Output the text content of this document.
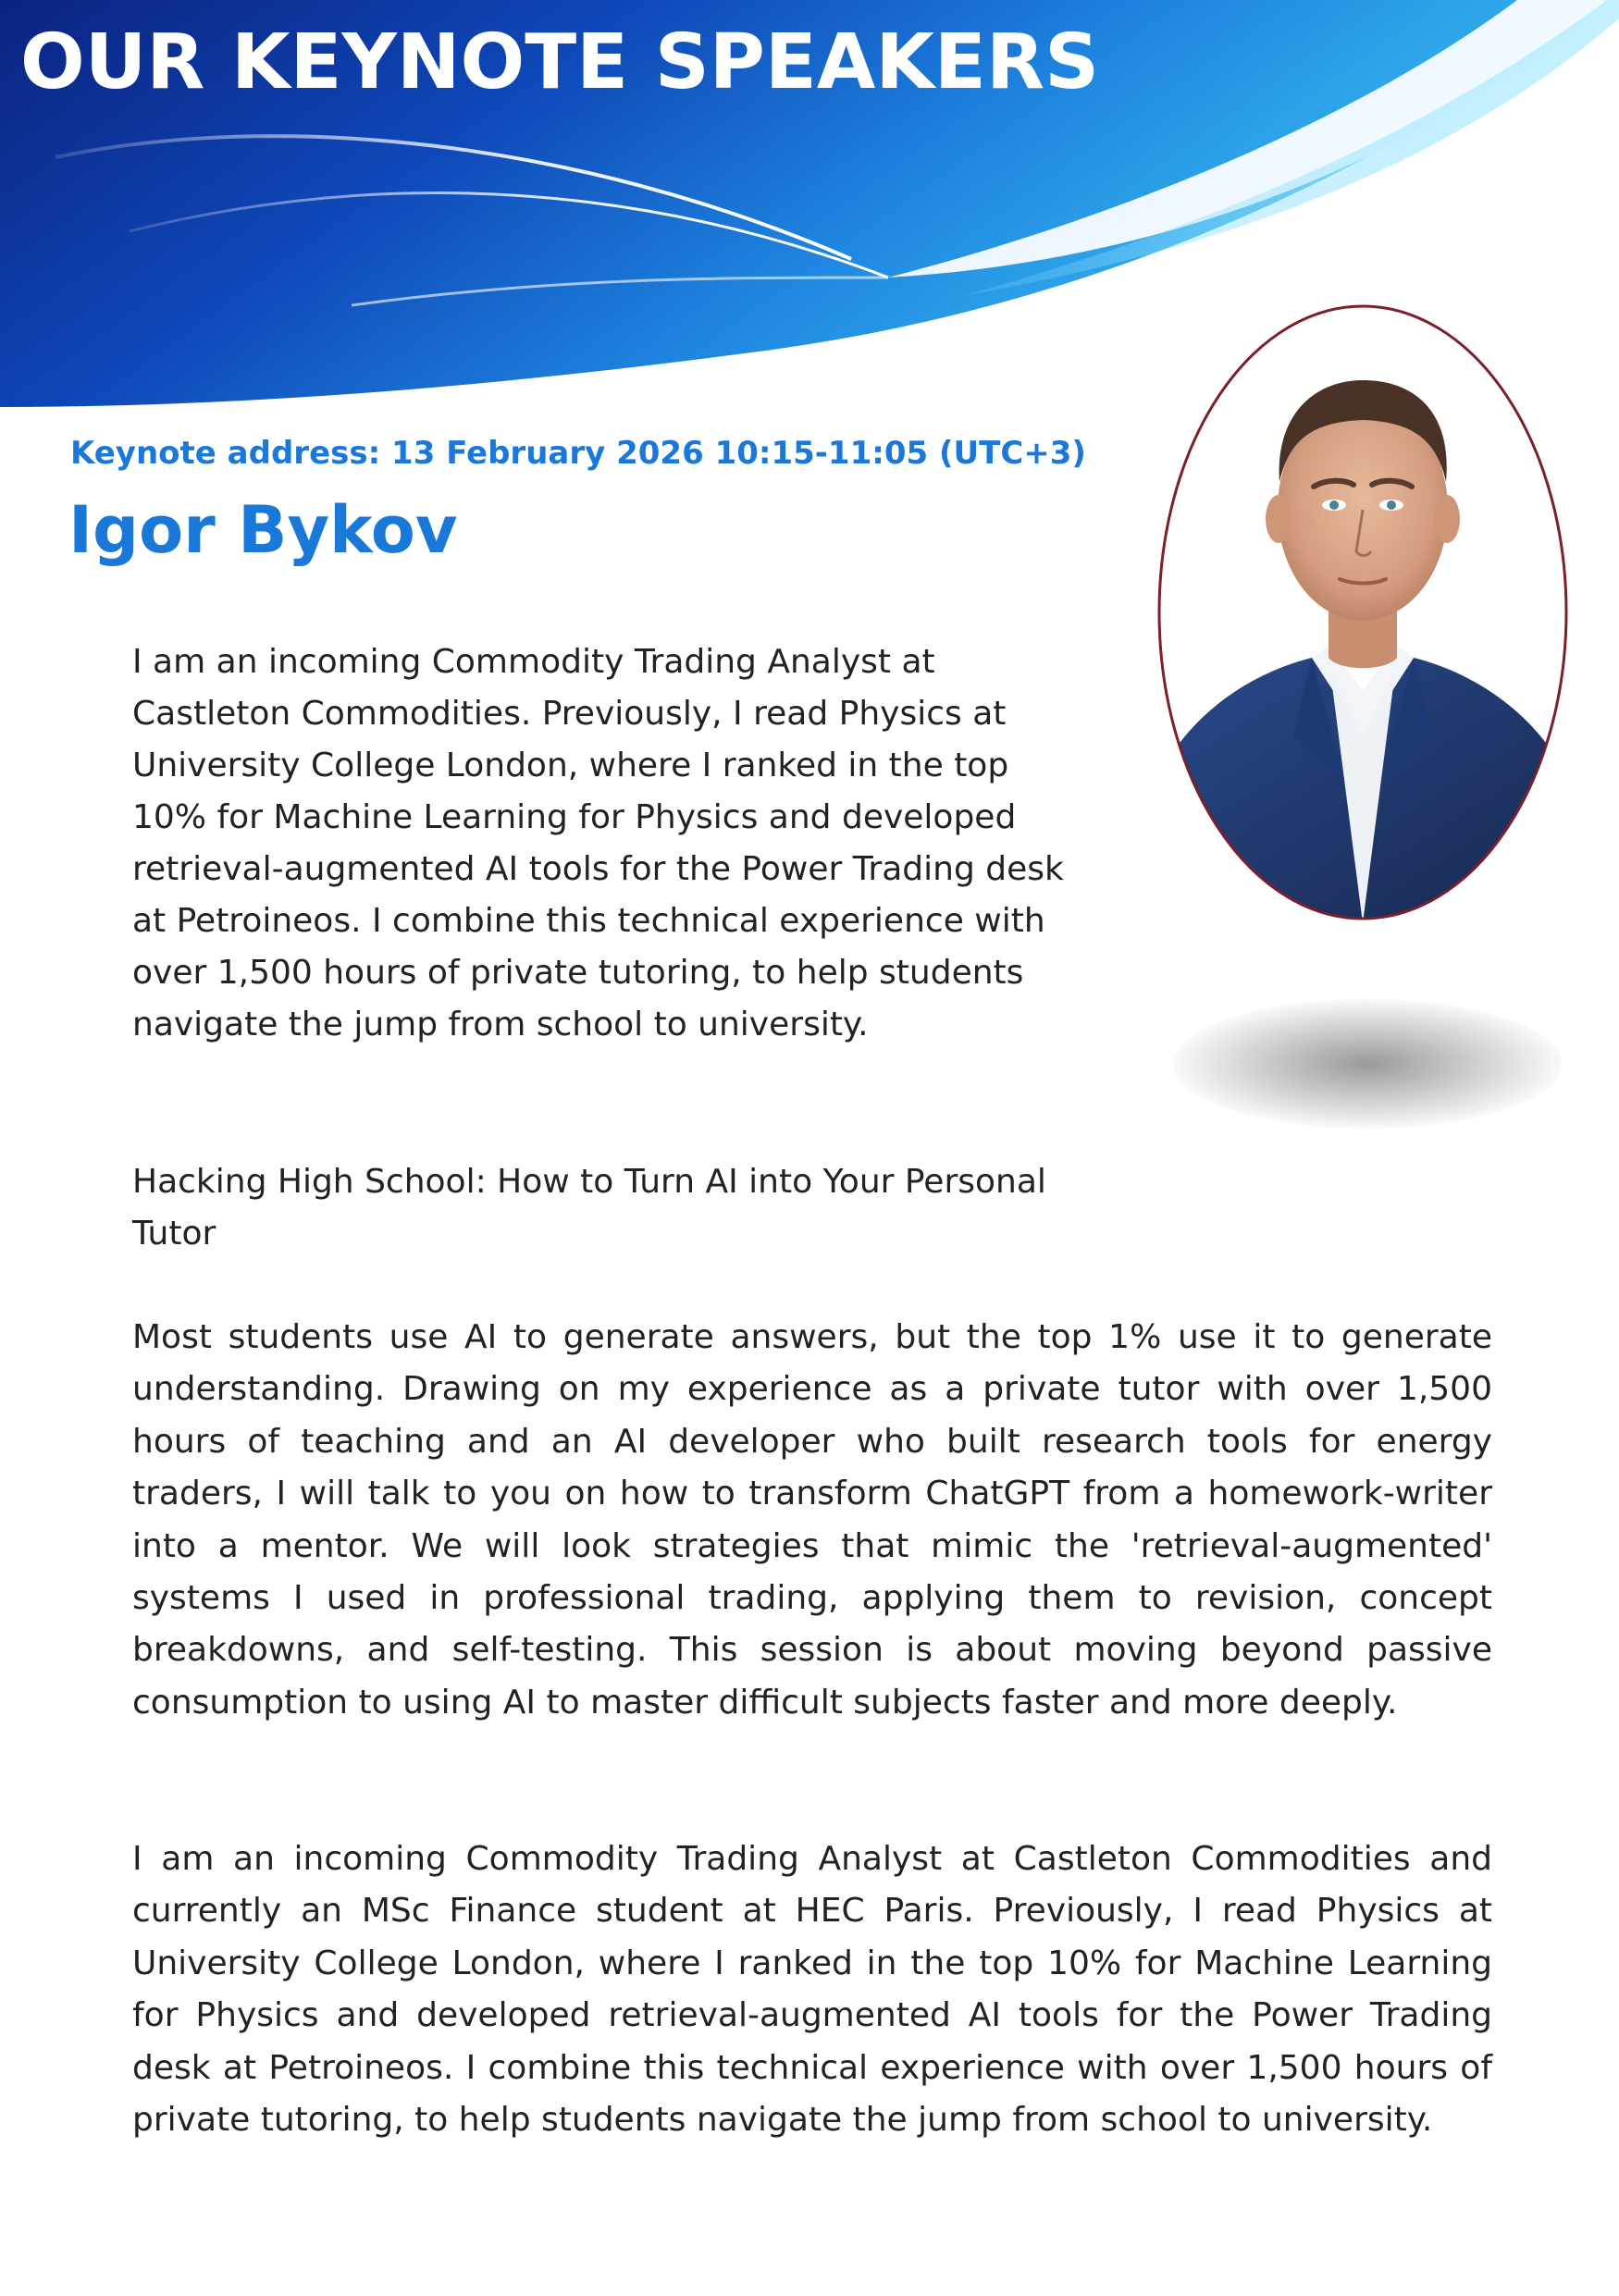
OUR KEYNOTE SPEAKERS
Keynote address: 13 February 2026 10:15-11:05 (UTC+3)
Igor Bykov

I am an incoming Commodity Trading Analyst at Castleton Commodities. Previously, I read Physics at University College London, where I ranked in the top 10% for Machine Learning for Physics and developed retrieval-augmented AI tools for the Power Trading desk at Petroineos. I combine this technical experience with over 1,500 hours of private tutoring, to help students navigate the jump from school to university.

Hacking High School: How to Turn AI into Your Personal Tutor

Most students use AI to generate answers, but the top 1% use it to generate understanding. Drawing on my experience as a private tutor with over 1,500 hours of teaching and an AI developer who built research tools for energy traders, I will talk to you on how to transform ChatGPT from a homework-writer into a mentor. We will look strategies that mimic the 'retrieval-augmented' systems I used in professional trading, applying them to revision, concept breakdowns, and self-testing. This session is about moving beyond passive consumption to using AI to master difficult subjects faster and more deeply.

I am an incoming Commodity Trading Analyst at Castleton Commodities and currently an MSc Finance student at HEC Paris. Previously, I read Physics at University College London, where I ranked in the top 10% for Machine Learning for Physics and developed retrieval-augmented AI tools for the Power Trading desk at Petroineos. I combine this technical experience with over 1,500 hours of private tutoring, to help students navigate the jump from school to university.
